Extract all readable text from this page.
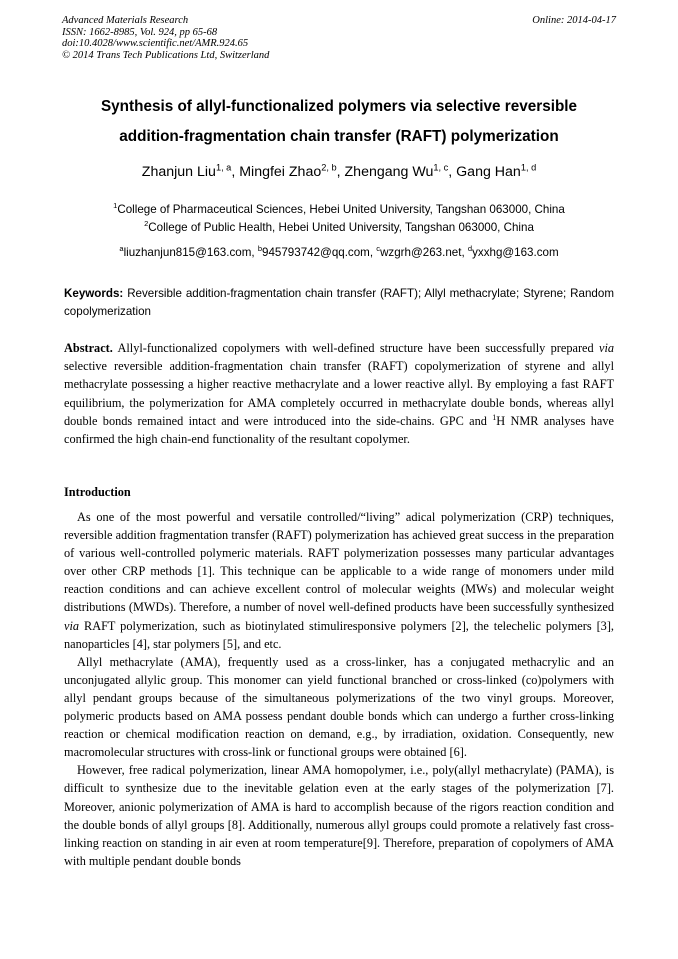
Advanced Materials Research
ISSN: 1662-8985, Vol. 924, pp 65-68
doi:10.4028/www.scientific.net/AMR.924.65
© 2014 Trans Tech Publications Ltd, Switzerland
Online: 2014-04-17
Synthesis of allyl-functionalized polymers via selective reversible
addition-fragmentation chain transfer (RAFT) polymerization
Zhanjun Liu$^{1, a}$, Mingfei Zhao$^{2, b}$, Zhengang Wu$^{1, c}$, Gang Han$^{1, d}$
$^1$College of Pharmaceutical Sciences, Hebei United University, Tangshan 063000, China
$^2$College of Public Health, Hebei United University, Tangshan 063000, China
$^a$liuzhanjun815@163.com, $^b$945793742@qq.com, $^c$wzgrh@263.net, $^d$yxxhg@163.com
Keywords: Reversible addition-fragmentation chain transfer (RAFT); Allyl methacrylate; Styrene; Random copolymerization
Abstract. Allyl-functionalized copolymers with well-defined structure have been successfully prepared via selective reversible addition-fragmentation chain transfer (RAFT) copolymerization of styrene and allyl methacrylate possessing a higher reactive methacrylate and a lower reactive allyl. By employing a fast RAFT equilibrium, the polymerization for AMA completely occurred in methacrylate double bonds, whereas allyl double bonds remained intact and were introduced into the side-chains. GPC and $^1$H NMR analyses have confirmed the high chain-end functionality of the resultant copolymer.
Introduction

As one of the most powerful and versatile controlled/“living” adical polymerization (CRP) techniques, reversible addition fragmentation transfer (RAFT) polymerization has achieved great success in the preparation of various well-controlled polymeric materials. RAFT polymerization possesses many particular advantages over other CRP methods [1]. This technique can be applicable to a wide range of monomers under mild reaction conditions and can achieve excellent control of molecular weights (MWs) and molecular weight distributions (MWDs). Therefore, a number of novel well-defined products have been successfully synthesized via RAFT polymerization, such as biotinylated stimuliresponsive polymers [2], the telechelic polymers [3], nanoparticles [4], star polymers [5], and etc.

Allyl methacrylate (AMA), frequently used as a cross-linker, has a conjugated methacrylic and an unconjugated allylic group. This monomer can yield functional branched or cross-linked (co)polymers with allyl pendant groups because of the simultaneous polymerizations of the two vinyl groups. Moreover, polymeric products based on AMA possess pendant double bonds which can undergo a further cross-linking reaction or chemical modification reaction on demand, e.g., by irradiation, oxidation. Consequently, new macromolecular structures with cross-link or functional groups were obtained [6].

However, free radical polymerization, linear AMA homopolymer, i.e., poly(allyl methacrylate) (PAMA), is difficult to synthesize due to the inevitable gelation even at the early stages of the polymerization [7]. Moreover, anionic polymerization of AMA is hard to accomplish because of the rigors reaction condition and the double bonds of allyl groups [8]. Additionally, numerous allyl groups could promote a relatively fast cross-linking reaction on standing in air even at room temperature[9]. Therefore, preparation of copolymers of AMA with multiple pendant double bonds
